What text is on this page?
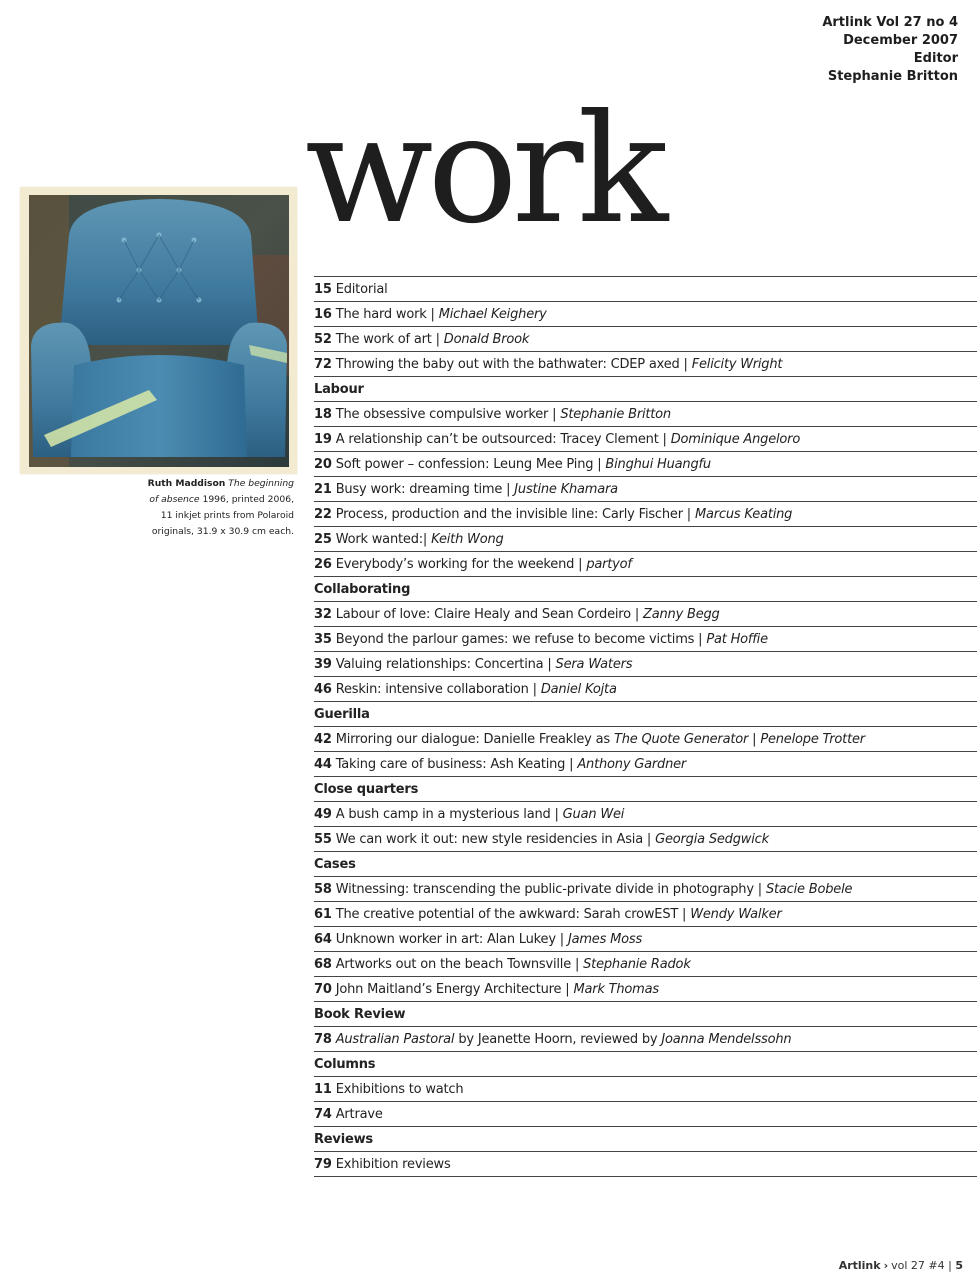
Artlink Vol 27 no 4
December 2007
Editor
Stephanie Britton
work
Ruth Maddison The beginning of absence 1996, printed 2006, 11 inkjet prints from Polaroid originals, 31.9 x 30.9 cm each.
15 Editorial
16 The hard work | Michael Keighery
52 The work of art | Donald Brook
72 Throwing the baby out with the bathwater: CDEP axed | Felicity Wright
Labour
18 The obsessive compulsive worker | Stephanie Britton
19 A relationship can’t be outsourced: Tracey Clement | Dominique Angeloro
20 Soft power – confession: Leung Mee Ping | Binghui Huangfu
21 Busy work: dreaming time | Justine Khamara
22 Process, production and the invisible line: Carly Fischer | Marcus Keating
25 Work wanted:| Keith Wong
26 Everybody’s working for the weekend | partyof
Collaborating
32 Labour of love: Claire Healy and Sean Cordeiro | Zanny Begg
35 Beyond the parlour games: we refuse to become victims | Pat Hoffie
39 Valuing relationships: Concertina | Sera Waters
46 Reskin: intensive collaboration | Daniel Kojta
Guerilla
42 Mirroring our dialogue: Danielle Freakley as The Quote Generator | Penelope Trotter
44 Taking care of business: Ash Keating | Anthony Gardner
Close quarters
49 A bush camp in a mysterious land | Guan Wei
55 We can work it out: new style residencies in Asia | Georgia Sedgwick
Cases
58 Witnessing: transcending the public-private divide in photography | Stacie Bobele
61 The creative potential of the awkward: Sarah crowEST | Wendy Walker
64 Unknown worker in art: Alan Lukey | James Moss
68 Artworks out on the beach Townsville | Stephanie Radok
70 John Maitland’s Energy Architecture | Mark Thomas
Book Review
78 Australian Pastoral by Jeanette Hoorn, reviewed by Joanna Mendelssohn
Columns
11 Exhibitions to watch
74 Artrave
Reviews
79 Exhibition reviews
Artlink › vol 27 #4 | 5
